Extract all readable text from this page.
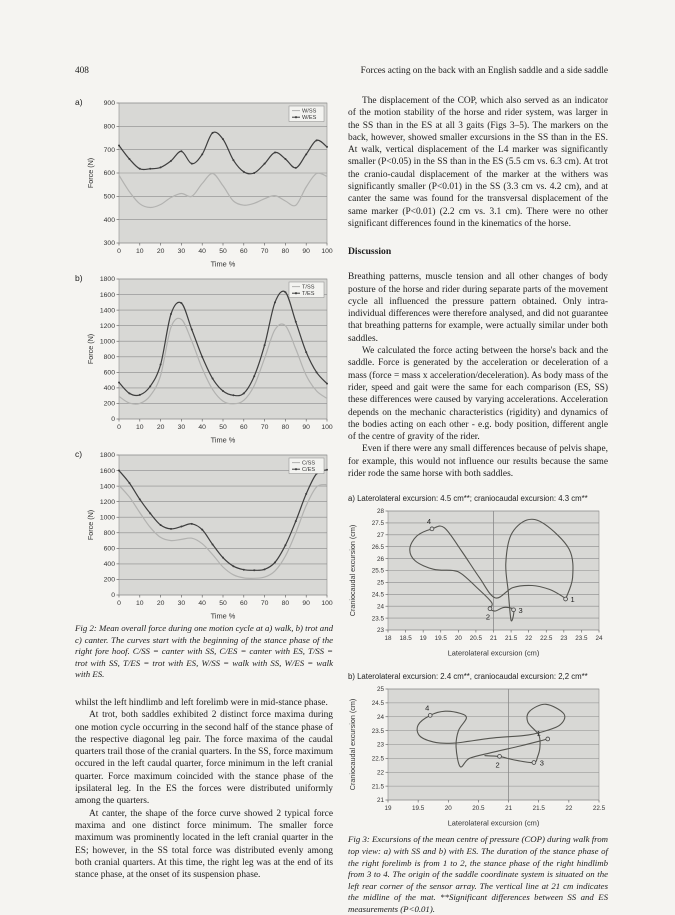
408	Forces acting on the back with an English saddle and a side saddle
a)
300
400
500
600
700
800
900
0 10 20 30 40 50 60 70 80 90 100
Time %
Force (N)
W/SS
W/ES
b)
0
200
400
600
800
1000
1200
1400
1600
1800
0 10 20 30 40 50 60 70 80 90 100
Time %
Force (N)
T/SS
T/ES
c)
0
200
400
600
800
1000
1200
1400
1600
1800
0 10 20 30 40 50 60 70 80 90 100
Time %
Force (N)
C/SS
C/ES

Fig 2: Mean overall force during one motion cycle at a) walk, b) trot and c) canter. The curves start with the beginning of the stance phase of the right fore hoof. C/SS = canter with SS, C/ES = canter with ES, T/SS = trot with SS, T/ES = trot with ES, W/SS = walk with SS, W/ES = walk with ES.

whilst the left hindlimb and left forelimb were in mid-stance phase.

At trot, both saddles exhibited 2 distinct force maxima during one motion cycle occurring in the second half of the stance phase of the respective diagonal leg pair. The force maxima of the caudal quarters trail those of the cranial quarters. In the SS, force maximum occured in the left caudal quarter, force minimum in the left cranial quarter. Force maximum coincided with the stance phase of the ipsilateral leg. In the ES the forces were distributed uniformly among the quarters.

At canter, the shape of the force curve showed 2 typical force maxima and one distinct force minimum. The smaller force maximum was prominently located in the left cranial quarter in the ES; however, in the SS total force was distributed evenly among both cranial quarters. At this time, the right leg was at the end of its stance phase, at the onset of its suspension phase.

The displacement of the COP, which also served as an indicator of the motion stability of the horse and rider system, was larger in the SS than in the ES at all 3 gaits (Figs 3–5). The markers on the back, however, showed smaller excursions in the SS than in the ES. At walk, vertical displacement of the L4 marker was significantly smaller (P<0.05) in the SS than in the ES (5.5 cm vs. 6.3 cm). At trot the cranio-caudal displacement of the marker at the withers was significantly smaller (P<0.01) in the SS (3.3 cm vs. 4.2 cm), and at canter the same was found for the transversal displacement of the same marker (P<0.01) (2.2 cm vs. 3.1 cm). There were no other significant differences found in the kinematics of the horse.

Discussion

Breathing patterns, muscle tension and all other changes of body posture of the horse and rider during separate parts of the movement cycle all influenced the pressure pattern obtained. Only intra-individual differences were therefore analysed, and did not guarantee that breathing patterns for example, were actually similar under both saddles.

We calculated the force acting between the horse's back and the saddle. Force is generated by the acceleration or deceleration of a mass (force = mass x acceleration/deceleration). As body mass of the rider, speed and gait were the same for each comparison (ES, SS) these differences were caused by varying accelerations. Acceleration depends on the mechanic characteristics (rigidity) and dynamics of the bodies acting on each other - e.g. body position, different angle of the centre of gravity of the rider.

Even if there were any small differences because of pelvis shape, for example, this would not influence our results because the same rider rode the same horse with both saddles.

a) Laterolateral excursion: 4.5 cm**; craniocaudal excursion: 4.3 cm**
23
23.5
24
24.5
25
25.5
26
26.5
27
27.5
28
18 18.5 19 19.5 20 20.5 21 21.5 22 22.5 23 23.5 24
Laterolateral excursion (cm)
Craniocaudal excursion (cm)	1
2
3
4
b) Laterolateral excursion: 2.4 cm**, craniocaudal excursion: 2,2 cm**
21
21.5
22
22.5
23
23.5
24
24.5
25
19	19.5	20	20.5	21	21.5	22	22.5
Laterolateral excursion (cm)
Craniocaudal excursion (cm)	1
2	3
4

Fig 3: Excursions of the mean centre of pressure (COP) during walk from top view: a) with SS and b) with ES. The duration of the stance phase of the right forelimb is from 1 to 2, the stance phase of the right hindlimb from 3 to 4. The origin of the saddle coordinate system is situated on the left rear corner of the sensor array. The vertical line at 21 cm indicates the midline of the mat. **Significant differences between SS and ES measurements (P<0.01).
